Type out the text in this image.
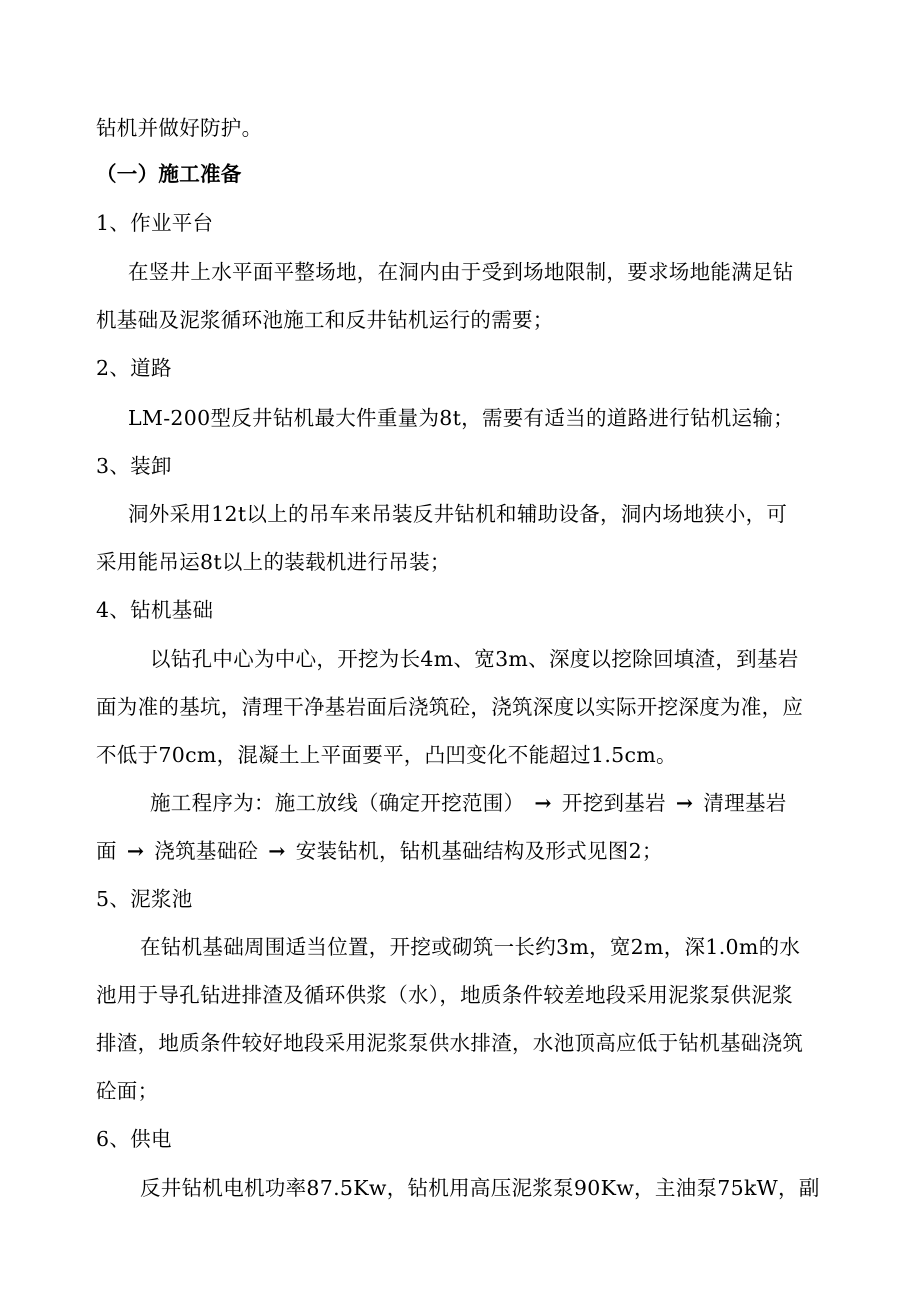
钻机并做好防护。
（一）施工准备
1、作业平台
在竖井上水平面平整场地，在洞内由于受到场地限制，要求场地能满足钻
机基础及泥浆循环池施工和反井钻机运行的需要；
2、道路
LM-200型反井钻机最大件重量为8t，需要有适当的道路进行钻机运输；
3、装卸
洞外采用12t以上的吊车来吊装反井钻机和辅助设备，洞内场地狭小，可
采用能吊运8t以上的装载机进行吊装；
4、钻机基础
以钻孔中心为中心，开挖为长4m、宽3m、深度以挖除回填渣，到基岩
面为准的基坑，清理干净基岩面后浇筑砼，浇筑深度以实际开挖深度为准，应
不低于70cm，混凝土上平面要平，凸凹变化不能超过1.5cm。
施工程序为：施工放线（确定开挖范围） → 开挖到基岩 → 清理基岩
面 → 浇筑基础砼 → 安装钻机，钻机基础结构及形式见图2；
5、泥浆池
在钻机基础周围适当位置，开挖或砌筑一长约3m，宽2m，深1.0m的水
池用于导孔钻进排渣及循环供浆（水），地质条件较差地段采用泥浆泵供泥浆
排渣，地质条件较好地段采用泥浆泵供水排渣，水池顶高应低于钻机基础浇筑
砼面；
6、供电
反井钻机电机功率87.5Kw，钻机用高压泥浆泵90Kw，主油泵75kW，副
